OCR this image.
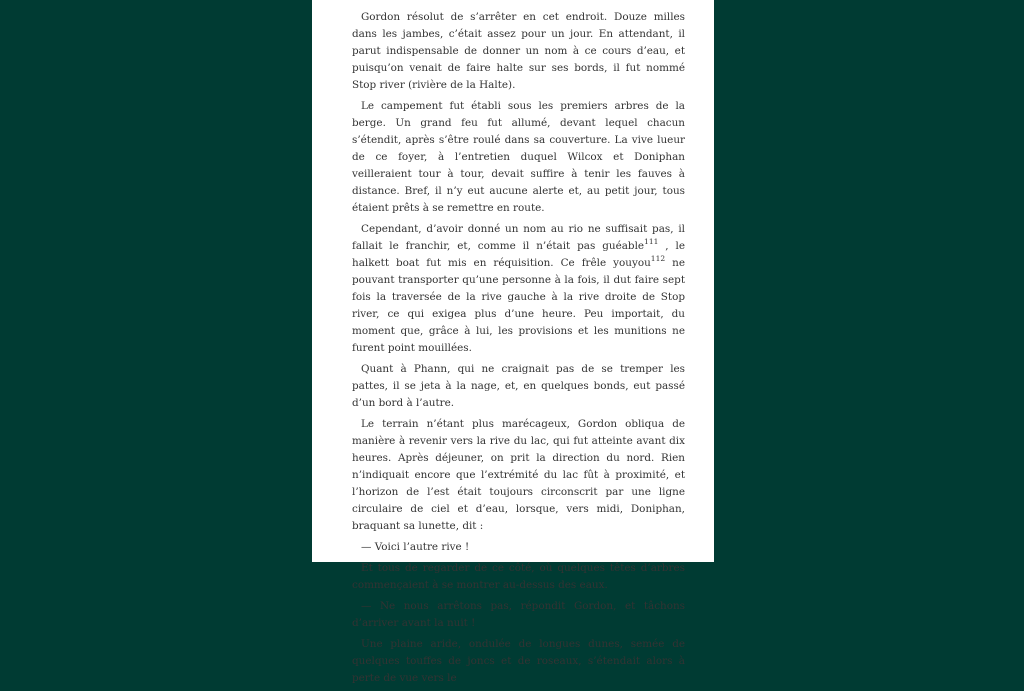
Gordon résolut de s’arrêter en cet endroit. Douze milles dans les jambes, c’était assez pour un jour. En attendant, il parut indispensable de donner un nom à ce cours d’eau, et puisqu’on venait de faire halte sur ses bords, il fut nommé Stop river (rivière de la Halte).

Le campement fut établi sous les premiers arbres de la berge. Un grand feu fut allumé, devant lequel chacun s’étendit, après s’être roulé dans sa couverture. La vive lueur de ce foyer, à l’entretien duquel Wilcox et Doniphan veilleraient tour à tour, devait suffire à tenir les fauves à distance. Bref, il n’y eut aucune alerte et, au petit jour, tous étaient prêts à se remettre en route.

Cependant, d’avoir donné un nom au rio ne suffisait pas, il fallait le franchir, et, comme il n’était pas guéable$^{111}$ , le halkett boat fut mis en réquisition. Ce frêle youyou$^{112}$ ne pouvant transporter qu’une personne à la fois, il dut faire sept fois la traversée de la rive gauche à la rive droite de Stop river, ce qui exigea plus d’une heure. Peu importait, du moment que, grâce à lui, les provisions et les munitions ne furent point mouillées.

Quant à Phann, qui ne craignait pas de se tremper les pattes, il se jeta à la nage, et, en quelques bonds, eut passé d’un bord à l’autre.

Le terrain n’étant plus marécageux, Gordon obliqua de manière à revenir vers la rive du lac, qui fut atteinte avant dix heures. Après déjeuner, on prit la direction du nord. Rien n’indiquait encore que l’extrémité du lac fût à proximité, et l’horizon de l’est était toujours circonscrit par une ligne circulaire de ciel et d’eau, lorsque, vers midi, Doniphan, braquant sa lunette, dit :

— Voici l’autre rive !

Et tous de regarder de ce côté, où quelques têtes d’arbres commençaient à se montrer au-dessus des eaux.

— Ne nous arrêtons pas, répondit Gordon, et tâchons d’arriver avant la nuit !

Une plaine aride, ondulée de longues dunes, semée de quelques touffes de joncs et de roseaux, s’étendait alors à perte de vue vers le
